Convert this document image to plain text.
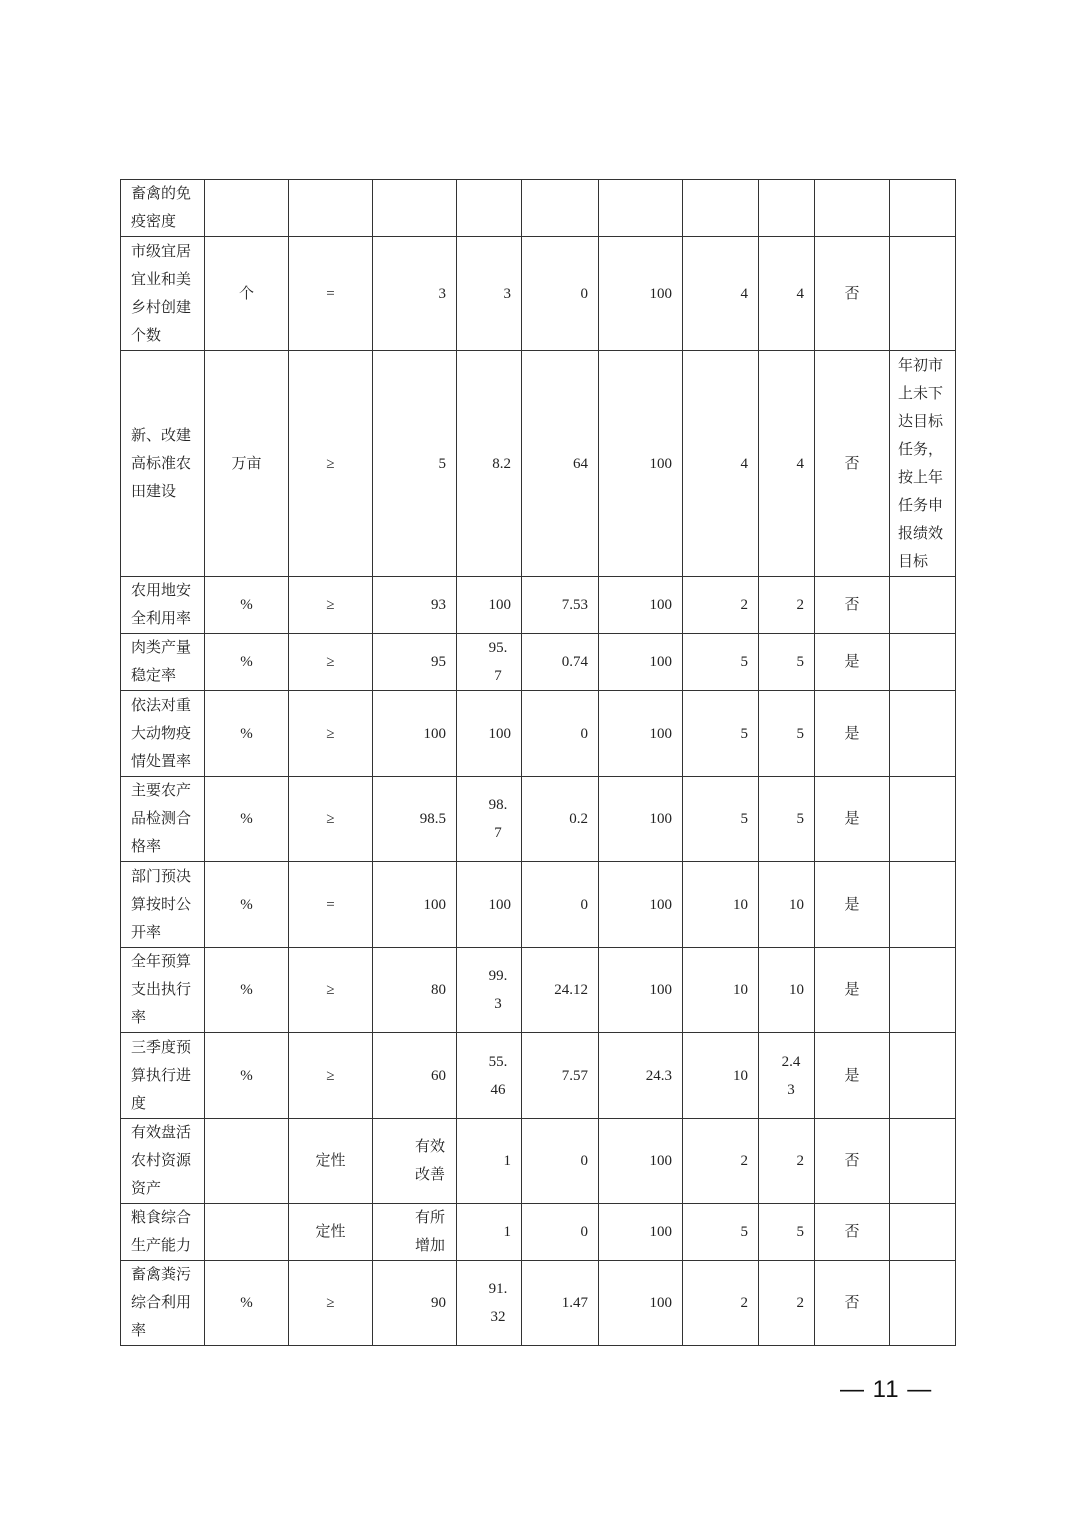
畜禽的免疫密度										
市级宜居宜业和美乡村创建个数	个	=	3	3	0	100	4	4	否	
新、改建高标准农田建设	万亩	≥	5	8.2	64	100	4	4	否	年初市上未下达目标任务，按上年任务申报绩效目标
农用地安全利用率	%	≥	93	100	7.53	100	2	2	否	
肉类产量稳定率	%	≥	95	95.7	0.74	100	5	5	是	
依法对重大动物疫情处置率	%	≥	100	100	0	100	5	5	是	
主要农产品检测合格率	%	≥	98.5	98.7	0.2	100	5	5	是	
部门预决算按时公开率	%	=	100	100	0	100	10	10	是	
全年预算支出执行率	%	≥	80	99.3	24.12	100	10	10	是	
三季度预算执行进度	%	≥	60	55.46	7.57	24.3	10	2.43	是	
有效盘活农村资源资产		定性	有效改善	1	0	100	2	2	否	
粮食综合生产能力		定性	有所增加	1	0	100	5	5	否	
畜禽粪污综合利用率	%	≥	90	91.32	1.47	100	2	2	否	
— 11 —
